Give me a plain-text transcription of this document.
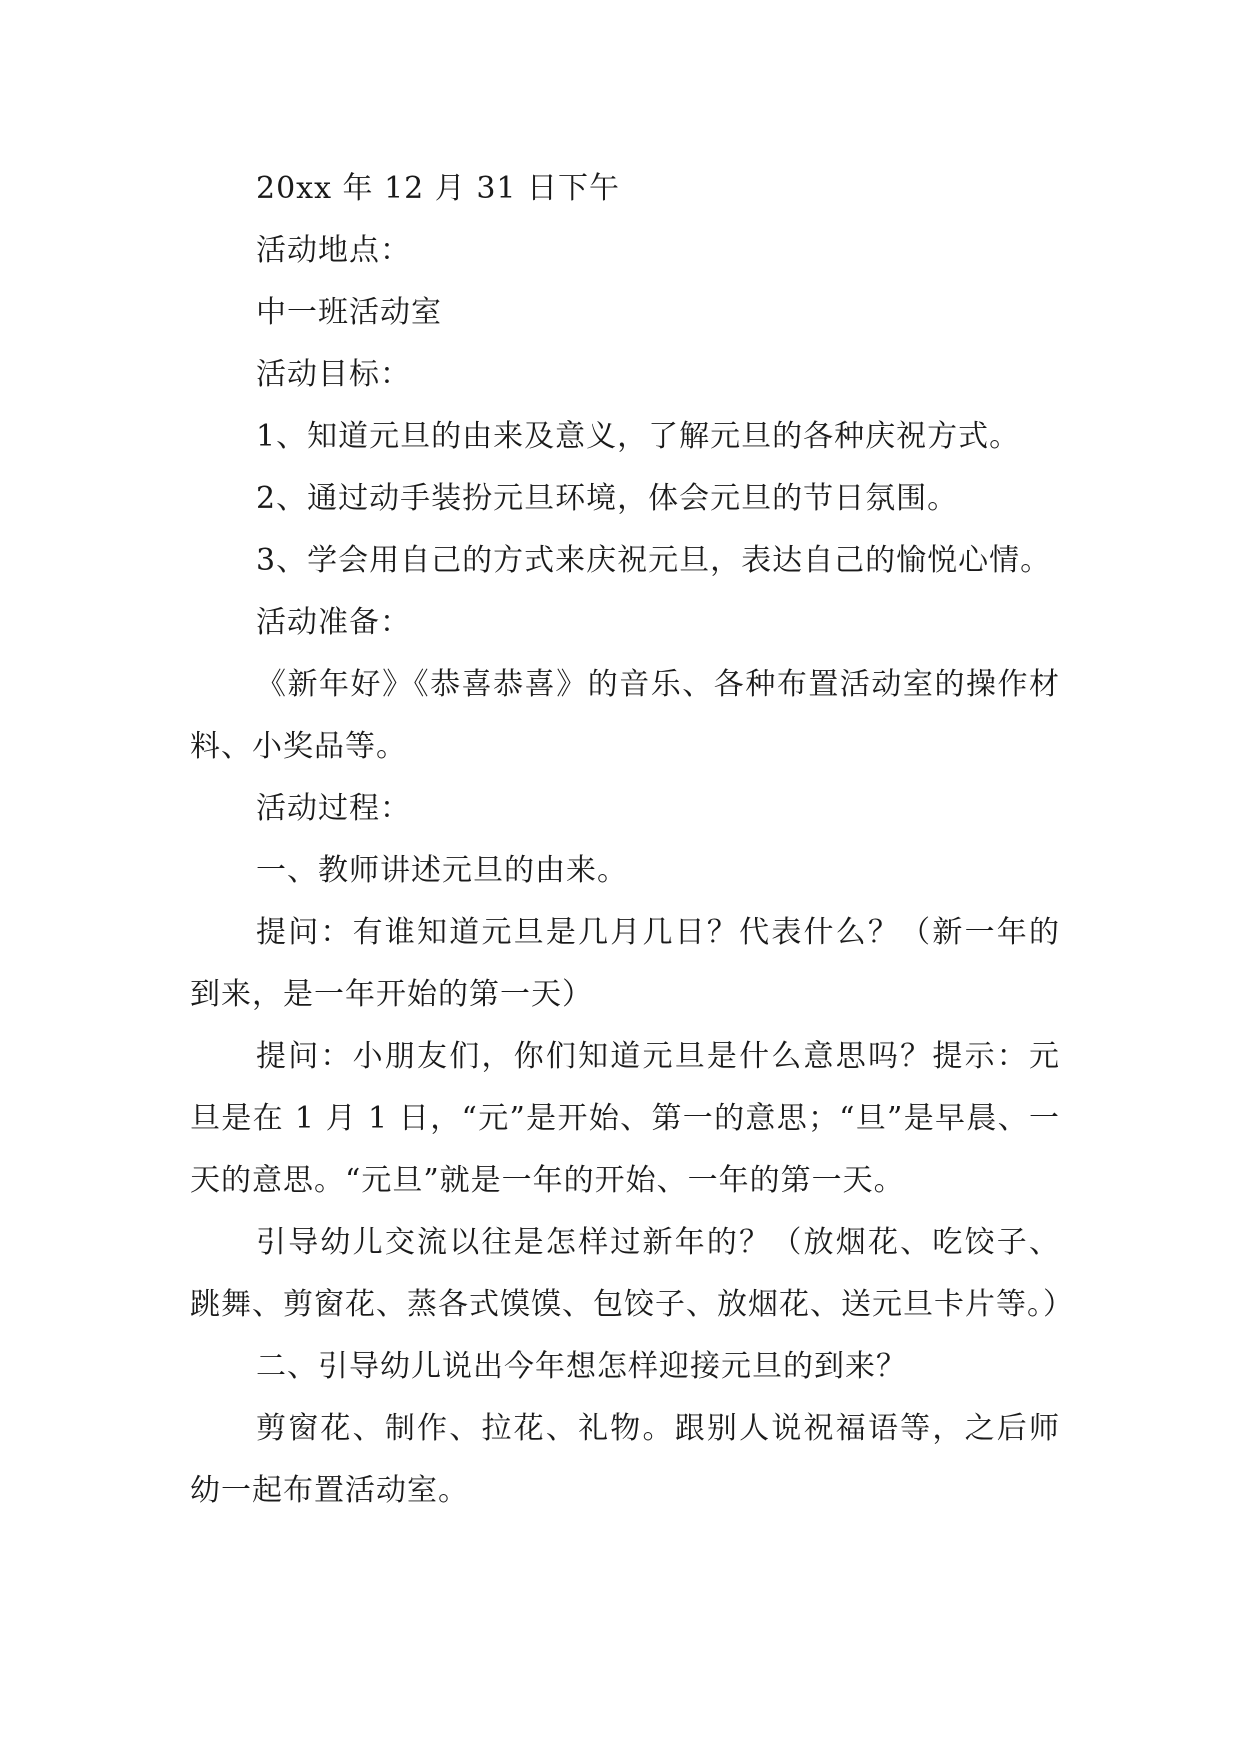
20xx 年 12 月 31 日下午

活动地点：

中一班活动室

活动目标：

1、知道元旦的由来及意义，了解元旦的各种庆祝方式。

2、通过动手装扮元旦环境，体会元旦的节日氛围。

3、学会用自己的方式来庆祝元旦，表达自己的愉悦心情。

活动准备：

《新年好》《恭喜恭喜》的音乐、各种布置活动室的操作材料、小奖品等。

活动过程：

一、教师讲述元旦的由来。

提问：有谁知道元旦是几月几日？代表什么？（新一年的到来，是一年开始的第一天）

提问：小朋友们，你们知道元旦是什么意思吗？提示：元旦是在 1 月 1 日，“元”是开始、第一的意思；“旦”是早晨、一天的意思。“元旦”就是一年的开始、一年的第一天。

引导幼儿交流以往是怎样过新年的？（放烟花、吃饺子、跳舞、剪窗花、蒸各式馍馍、包饺子、放烟花、送元旦卡片等。）

二、引导幼儿说出今年想怎样迎接元旦的到来？

剪窗花、制作、拉花、礼物。跟别人说祝福语等，之后师幼一起布置活动室。
